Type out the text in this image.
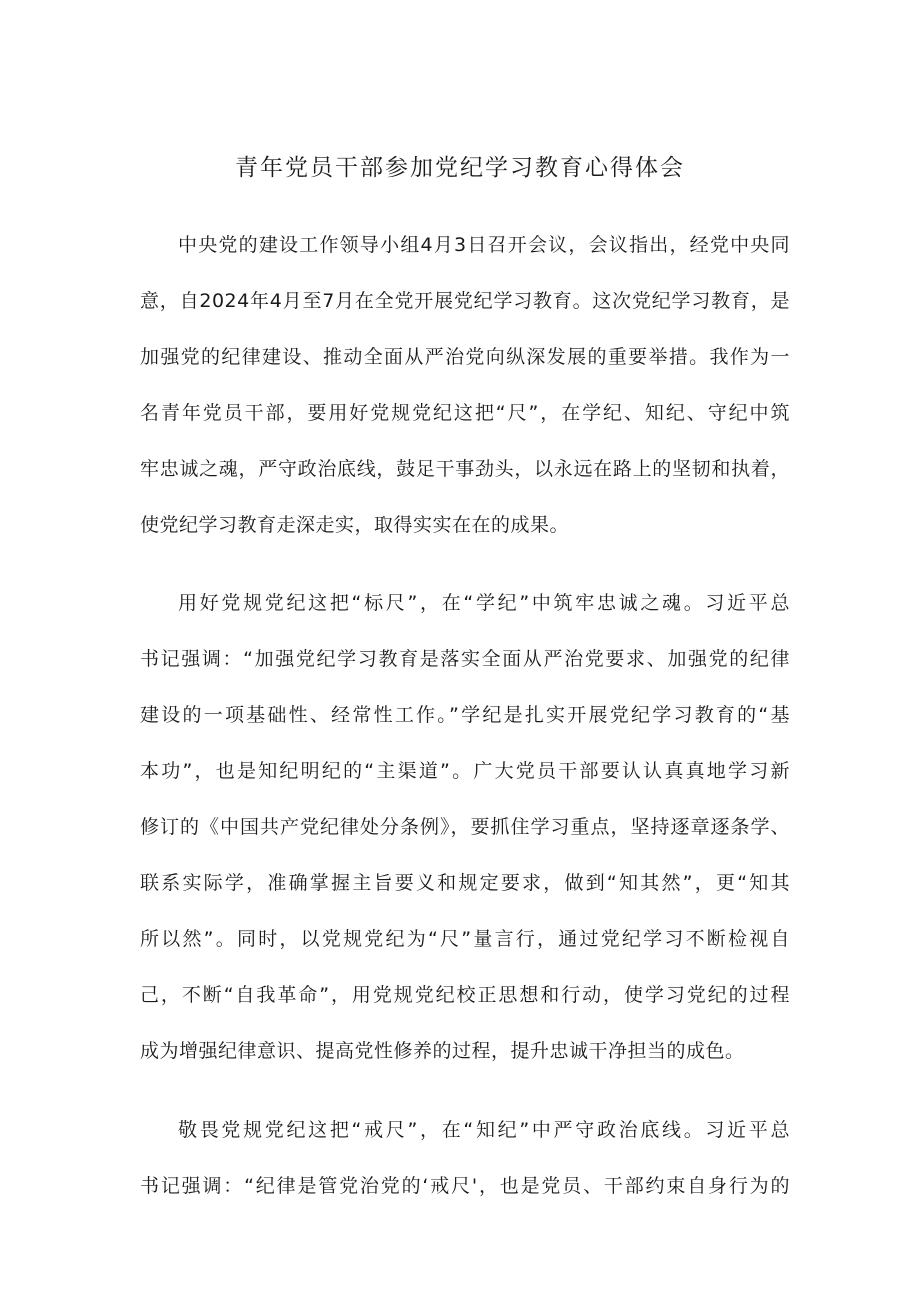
青年党员干部参加党纪学习教育心得体会
中央党的建设工作领导小组4月3日召开会议，会议指出，经党中央同
意，自2024年4月至7月在全党开展党纪学习教育。这次党纪学习教育，是
加强党的纪律建设、推动全面从严治党向纵深发展的重要举措。我作为一
名青年党员干部，要用好党规党纪这把“尺”，在学纪、知纪、守纪中筑
牢忠诚之魂，严守政治底线，鼓足干事劲头，以永远在路上的坚韧和执着，
使党纪学习教育走深走实，取得实实在在的成果。
用好党规党纪这把“标尺”，在“学纪”中筑牢忠诚之魂。习近平总
书记强调：“加强党纪学习教育是落实全面从严治党要求、加强党的纪律
建设的一项基础性、经常性工作。”学纪是扎实开展党纪学习教育的“基
本功”，也是知纪明纪的“主渠道”。广大党员干部要认认真真地学习新
修订的《中国共产党纪律处分条例》，要抓住学习重点，坚持逐章逐条学、
联系实际学，准确掌握主旨要义和规定要求，做到“知其然”，更“知其
所以然”。同时，以党规党纪为“尺”量言行，通过党纪学习不断检视自
己，不断“自我革命”，用党规党纪校正思想和行动，使学习党纪的过程
成为增强纪律意识、提高党性修养的过程，提升忠诚干净担当的成色。
敬畏党规党纪这把“戒尺”，在“知纪”中严守政治底线。习近平总
书记强调：“纪律是管党治党的‘戒尺'，也是党员、干部约束自身行为的
